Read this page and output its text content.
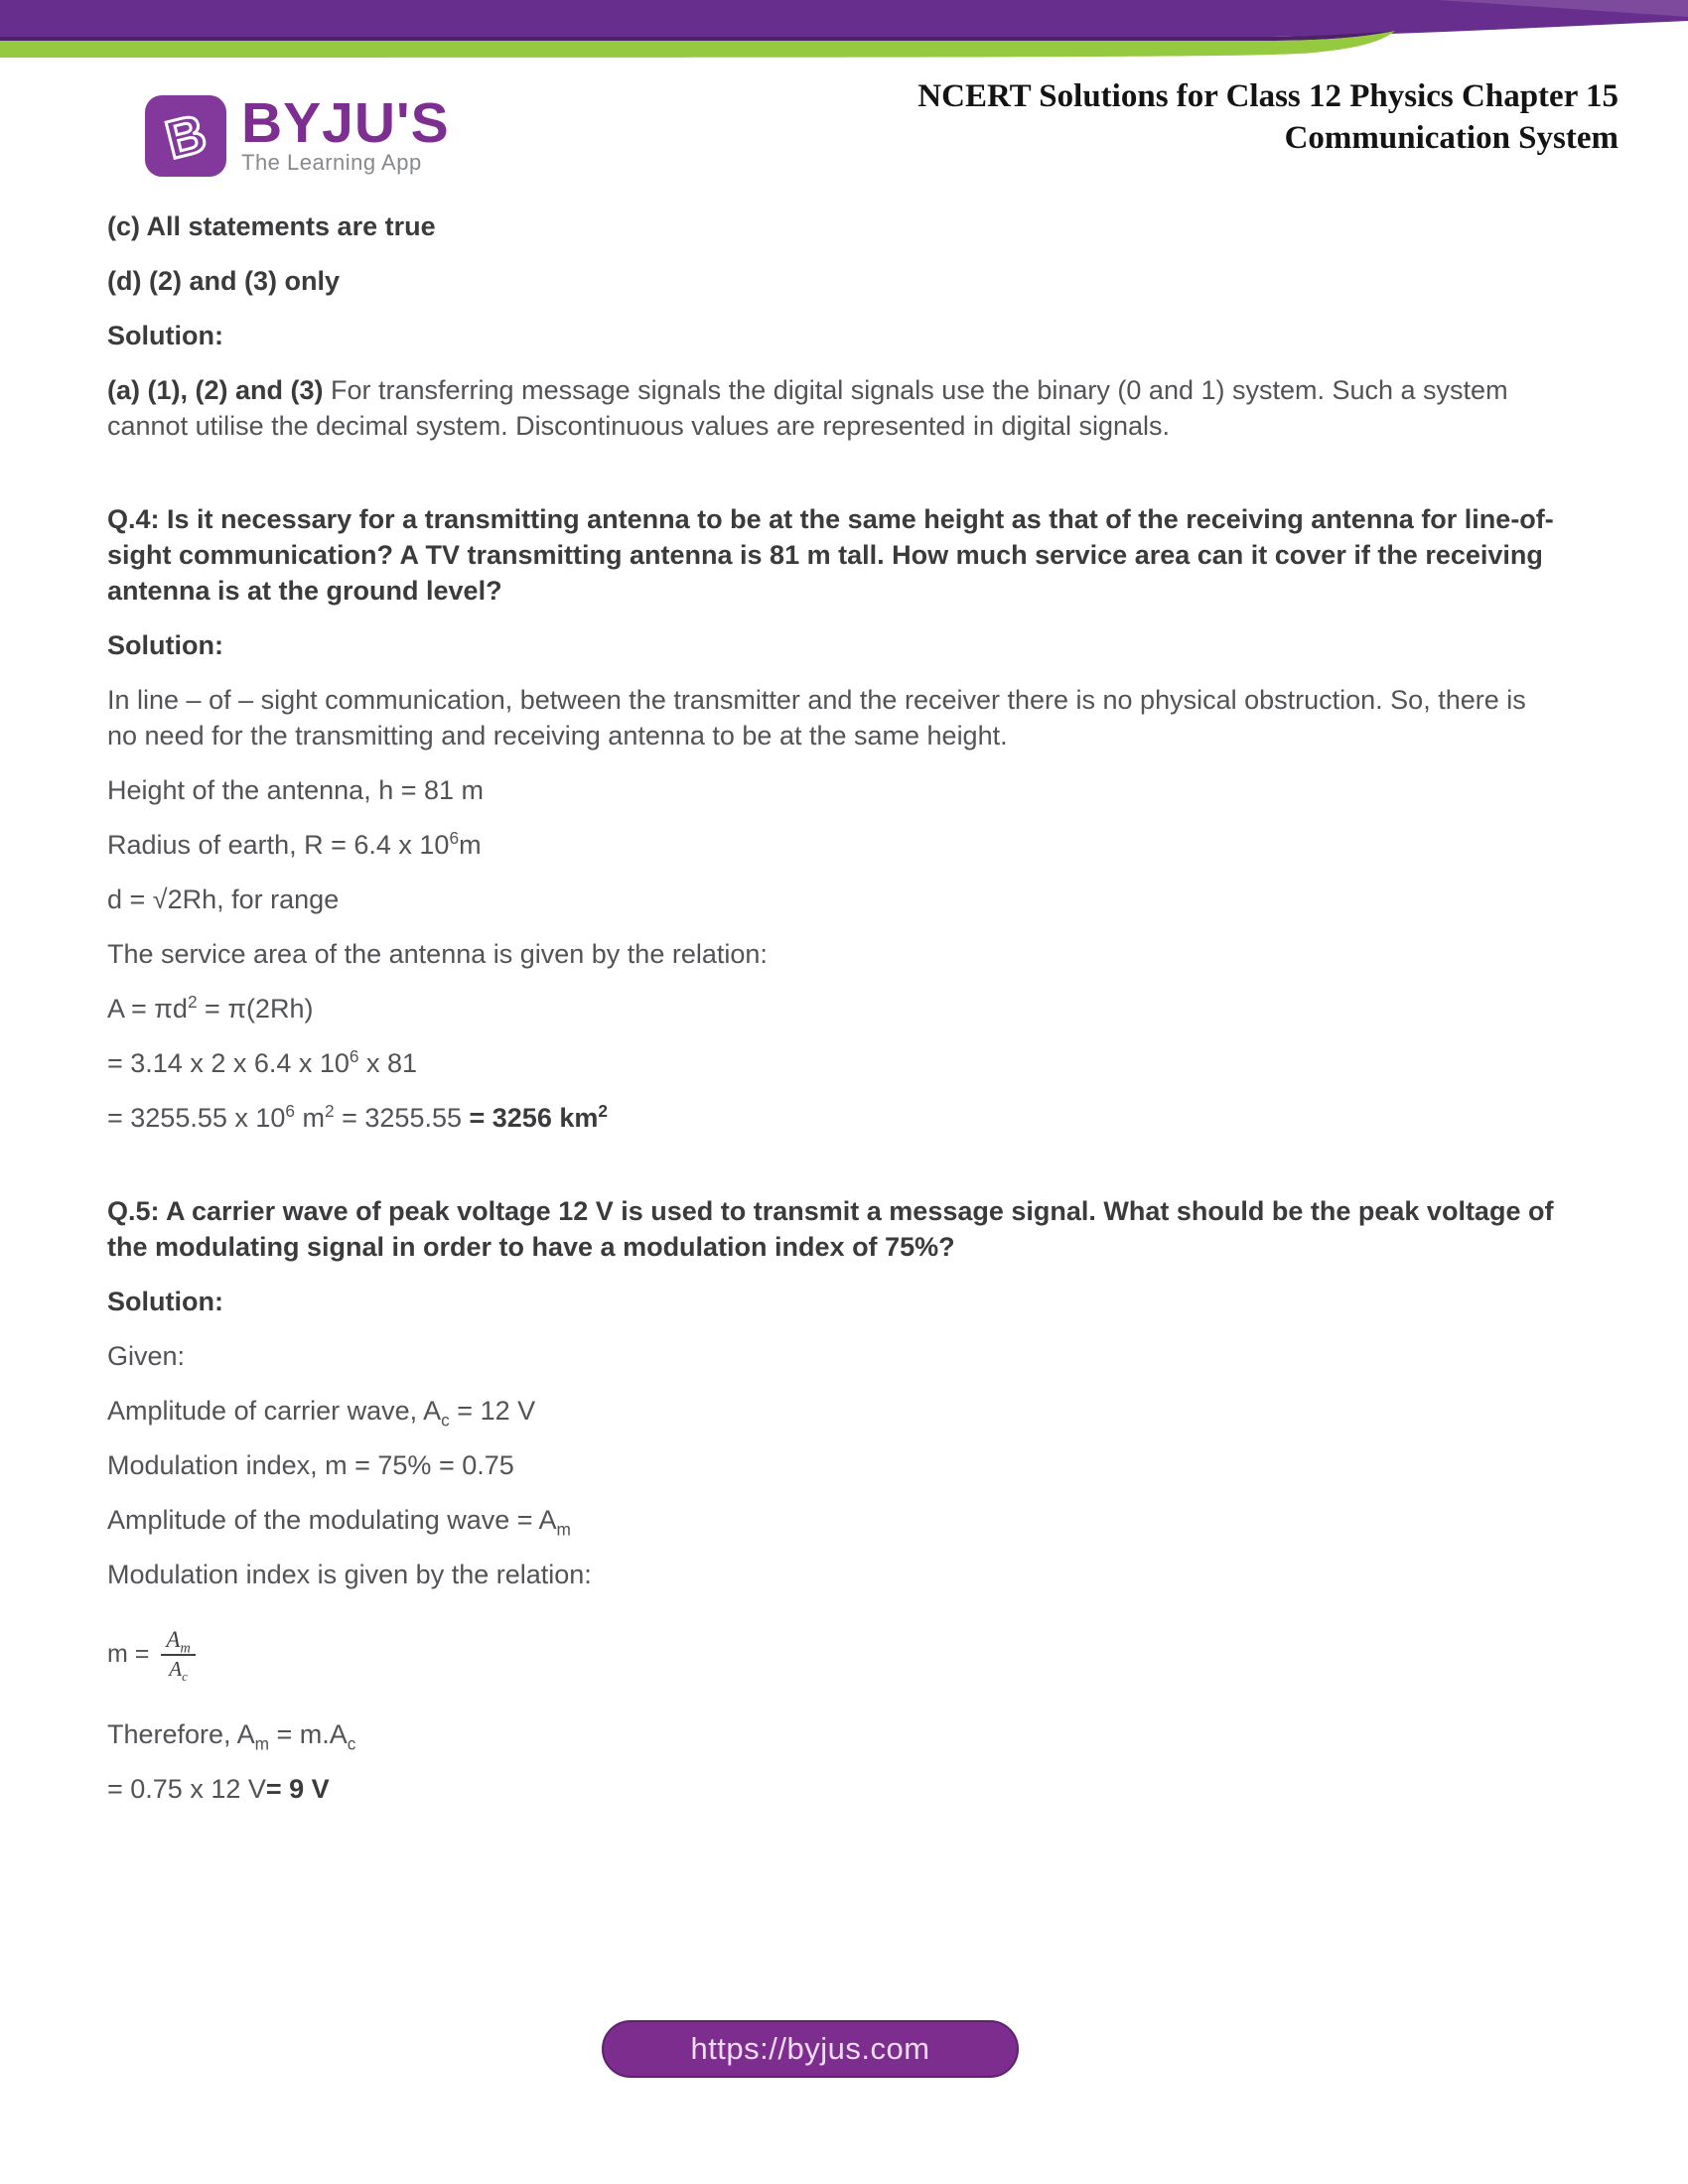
B BYJU'S
The Learning App
NCERT Solutions for Class 12 Physics Chapter 15
Communication System

(c) All statements are true

(d) (2) and (3) only

Solution:

(a) (1), (2) and (3) For transferring message signals the digital signals use the binary (0 and 1) system. Such a system cannot utilise the decimal system. Discontinuous values are represented in digital signals.

Q.4: Is it necessary for a transmitting antenna to be at the same height as that of the receiving antenna for line-of-sight communication? A TV transmitting antenna is 81 m tall. How much service area can it cover if the receiving antenna is at the ground level?

Solution:

In line – of – sight communication, between the transmitter and the receiver there is no physical obstruction. So, there is no need for the transmitting and receiving antenna to be at the same height.

Height of the antenna, h = 81 m

Radius of earth, R = 6.4 x $10^6m$

d = √2Rh, for range

The service area of the antenna is given by the relation:

$A = \pi d^2 = \pi(2Rh)$

= 3.14 x 2 x 6.4 x $10^6$ x 81

= 3255.55 x $10^6$ $m^2 = 3255.55 = 3256$ $km^2$

Q.5: A carrier wave of peak voltage 12 V is used to transmit a message signal. What should be the peak voltage of the modulating signal in order to have a modulation index of 75%?

Solution:

Given:

Amplitude of carrier wave, $A_c = 12$ V

Modulation index, m = 75% = 0.75

Amplitude of the modulating wave = $A_m$

Modulation index is given by the relation:

$m = \frac{A_m}{A_c}$

Therefore, $A_m = m.A_c$

= 0.75 x 12 V= 9 V

https://byjus.com
